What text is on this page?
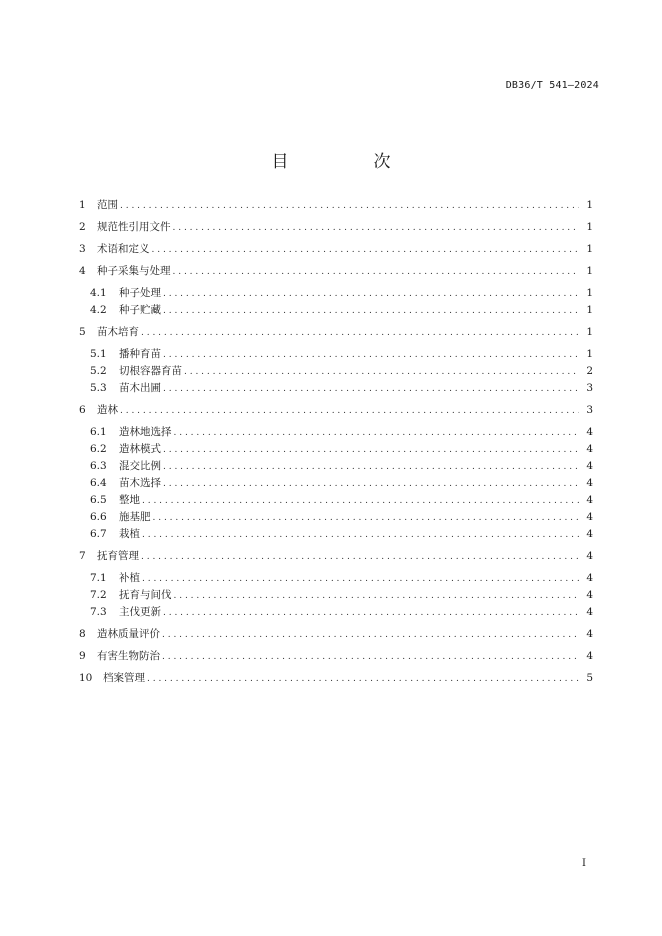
DB36/T 541—2024
目　次
1	范围 . . .	1
2	规范性引用文件 . . .	1
3	术语和定义 . . .	1
4	种子采集与处理 . . .	1
4.1	种子处理 . . .	1
4.2	种子贮藏 . . .	1
5	苗木培育 . . .	1
5.1	播种育苗 . . .	1
5.2	切根容器育苗 . . .	2
5.3	苗木出圃 . . .	3
6	造林 . . .	3
6.1	造林地选择 . . .	4
6.2	造林模式 . . .	4
6.3	混交比例 . . .	4
6.4	苗木选择 . . .	4
6.5	整地 . . .	4
6.6	施基肥 . . .	4
6.7	栽植 . . .	4
7	抚育管理 . . .	4
7.1	补植 . . .	4
7.2	抚育与间伐 . . .	4
7.3	主伐更新 . . .	4
8	造林质量评价 . . .	4
9	有害生物防治 . . .	4
10	档案管理 . . .	5
I
